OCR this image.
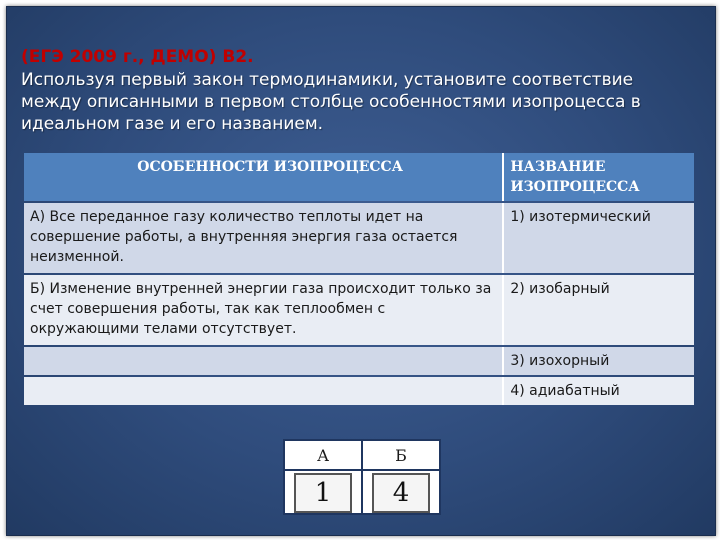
(ЕГЭ 2009 г., ДЕМО) B2.
Используя первый закон термодинамики, установите соответствие между описанными в первом столбце особенностями изопроцесса в идеальном газе и его названием.
ОСОБЕННОСТИ ИЗОПРОЦЕССА	НАЗВАНИЕ ИЗОПРОЦЕССА
А) Все переданное газу количество теплоты идет на совершение работы, а внутренняя энергия газа остается неизменной.	1) изотермический
Б) Изменение внутренней энергии газа происходит только за счет совершения работы, так как теплообмен с окружающими телами отсутствует.	2) изобарный
	3) изохорный
	4) адиабатный
А	Б
1	4
